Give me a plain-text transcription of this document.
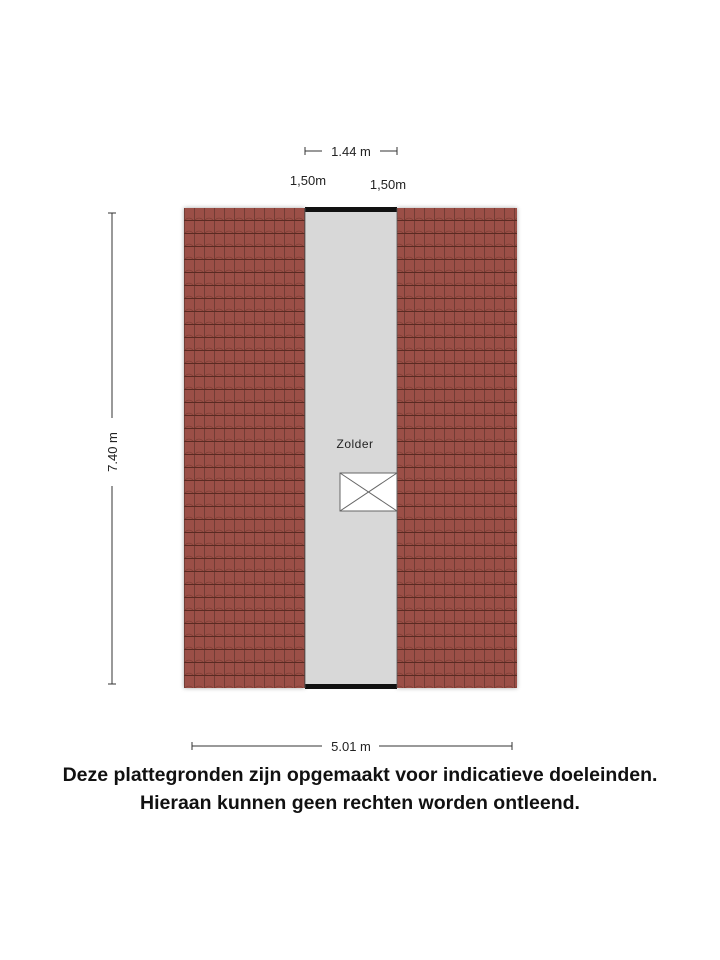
1.44 m
1,50m	1,50m
7.40 m	Zolder
5.01 m

Deze plattegronden zijn opgemaakt voor indicatieve doeleinden.

Hieraan kunnen geen rechten worden ontleend.
